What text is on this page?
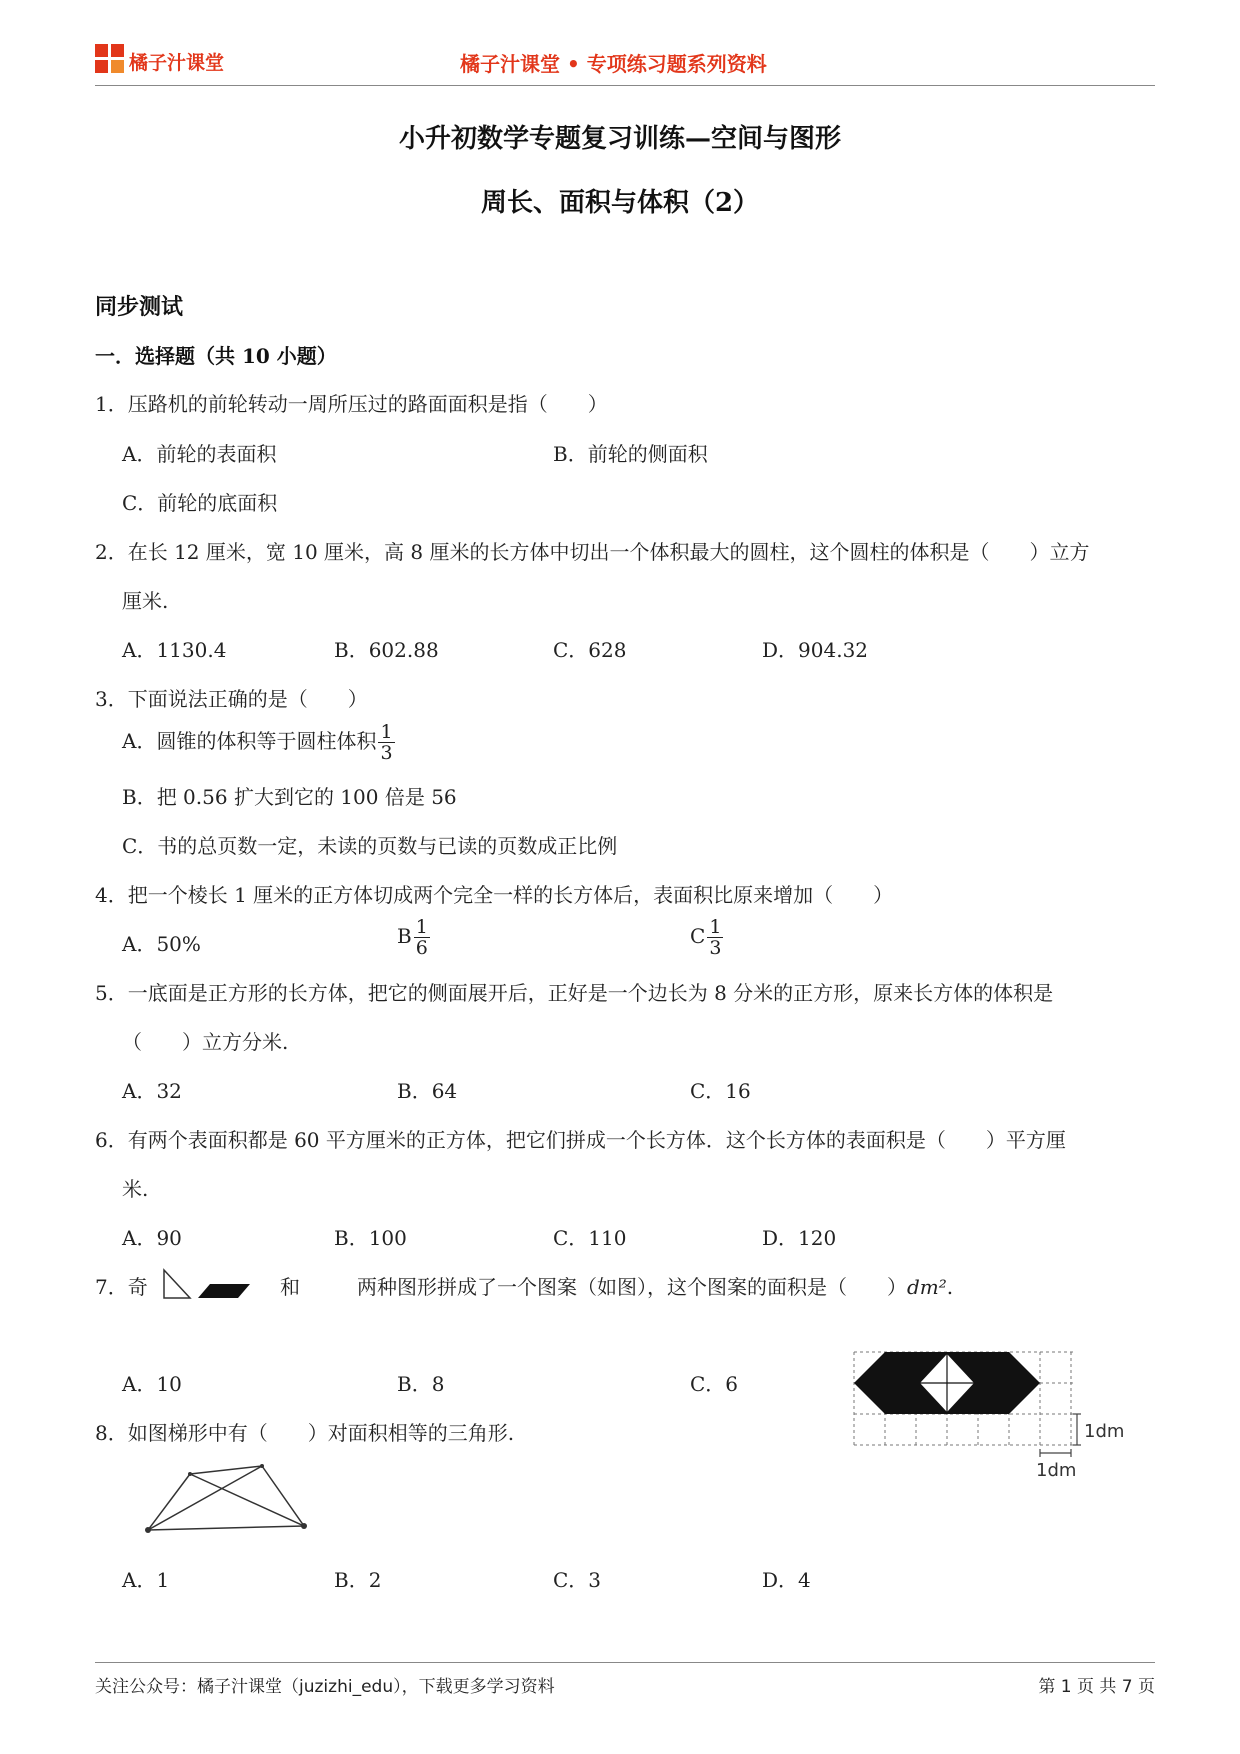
橘子汁课堂	橘子汁课堂 • 专项练习题系列资料
小升初数学专题复习训练—空间与图形
周长、面积与体积（2）
同步测试
一．选择题（共 10 小题）
1．压路机的前轮转动一周所压过的路面面积是指（　　）
A．前轮的表面积	B．前轮的侧面积
C．前轮的底面积
2．在长 12 厘米，宽 10 厘米，高 8 厘米的长方体中切出一个体积最大的圆柱，这个圆柱的体积是（　　）立方
厘米.
A．1130.4	B．602.88	C．628	D．904.32
3．下面说法正确的是（　　）
A．圆锥的体积等于圆柱体积 $\frac{1}{3}$
B．把 0.56 扩大到它的 100 倍是 56
C．书的总页数一定，未读的页数与已读的页数成正比例
4．把一个棱长 1 厘米的正方体切成两个完全一样的长方体后，表面积比原来增加（　　）
A．50%	B $\frac{1}{6}$	C $\frac{1}{3}$
5．一底面是正方形的长方体，把它的侧面展开后，正好是一个边长为 8 分米的正方形，原来长方体的体积是
（　　）立方分米.
A．32	B．64	C．16
6．有两个表面积都是 60 平方厘米的正方体，把它们拼成一个长方体．这个长方体的表面积是（　　）平方厘
米.
A．90	B．100	C．110	D．120
7．奇	和	两种图形拼成了一个图案（如图），这个图案的面积是（　　）dm².
A．10	B．8	C．6
1dm
1dm
8．如图梯形中有（　　）对面积相等的三角形.
A．1	B．2	C．3	D．4
关注公众号：橘子汁课堂（juzizhi_edu），下载更多学习资料	第 1 页 共 7 页
